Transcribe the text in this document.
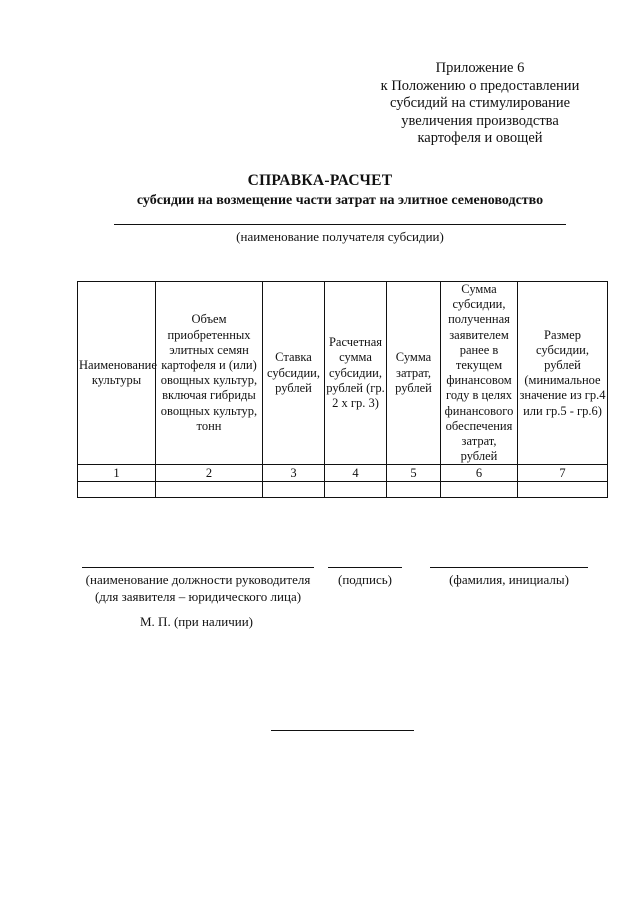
Приложение 6
к Положению о предоставлении
субсидий на стимулирование
увеличения производства
картофеля и овощей
СПРАВКА-РАСЧЕТ
субсидии на возмещение части затрат на элитное семеноводство
(наименование получателя субсидии)
Наименование культуры	Объем приобретенных элитных семян картофеля и (или) овощных культур, включая гибриды овощных культур, тонн	Ставка субсидии, рублей	Расчетная сумма субсидии, рублей (гр. 2 х гр. 3)	Сумма затрат, рублей	Сумма субсидии, полученная заявителем ранее в текущем финансовом году в целях финансового обеспечения затрат, рублей	Размер субсидии, рублей (минимальное значение из гр.4 или гр.5 - гр.6)
1	2	3	4	5	6	7

(наименование должности руководителя
(для заявителя – юридического лица)
(подпись)	(фамилия, инициалы)
М. П. (при наличии)
